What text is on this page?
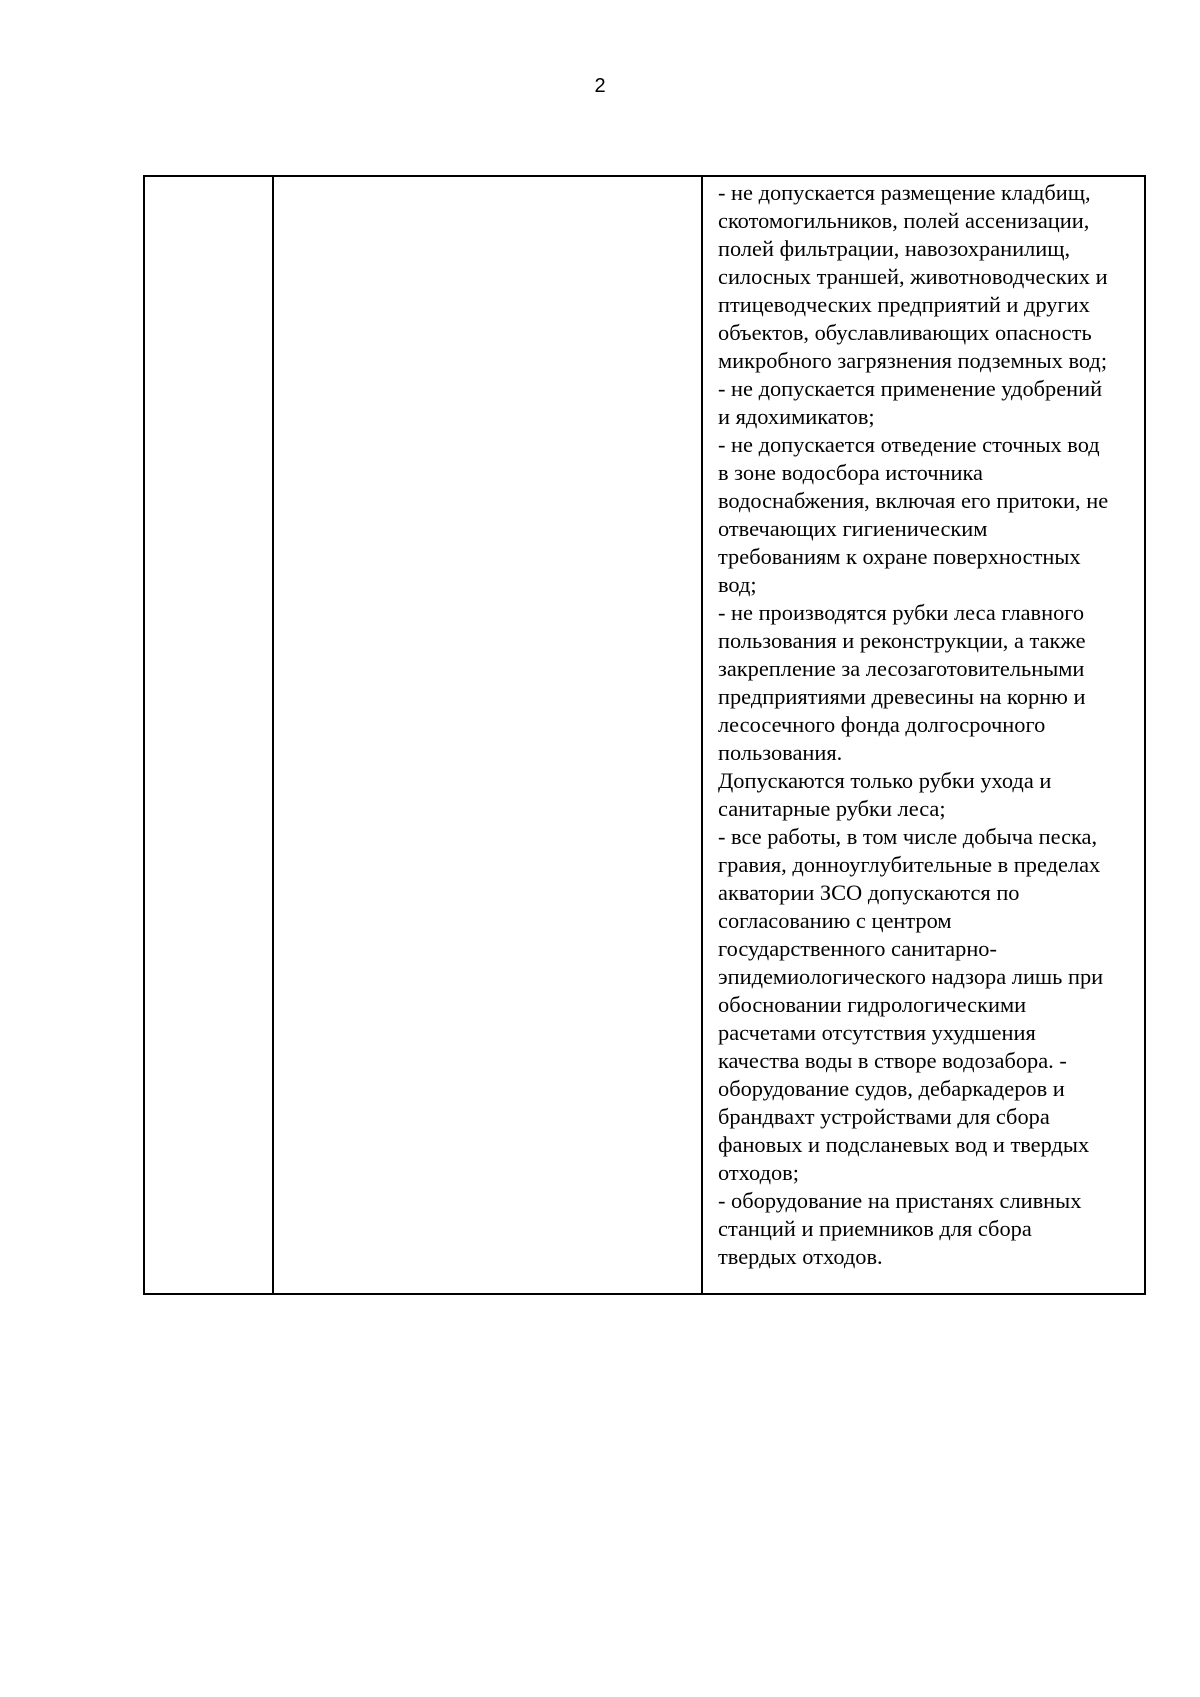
2

- не допускается размещение кладбищ,
скотомогильников, полей ассенизации,
полей фильтрации, навозохранилищ,
силосных траншей, животноводческих и
птицеводческих предприятий и других
объектов, обуславливающих опасность
микробного загрязнения подземных вод;
- не допускается применение удобрений
и ядохимикатов;
- не допускается отведение сточных вод
в зоне водосбора источника
водоснабжения, включая его притоки, не
отвечающих гигиеническим
требованиям к охране поверхностных
вод;
- не производятся рубки леса главного
пользования и реконструкции, а также
закрепление за лесозаготовительными
предприятиями древесины на корню и
лесосечного фонда долгосрочного
пользования.
Допускаются только рубки ухода и
санитарные рубки леса;
- все работы, в том числе добыча песка,
гравия, донноуглубительные в пределах
акватории ЗСО допускаются по
согласованию с центром
государственного санитарно-
эпидемиологического надзора лишь при
обосновании гидрологическими
расчетами отсутствия ухудшения
качества воды в створе водозабора. -
оборудование судов, дебаркадеров и
брандвахт устройствами для сбора
фановых и подсланевых вод и твердых
отходов;
- оборудование на пристанях сливных
станций и приемников для сбора
твердых отходов.
